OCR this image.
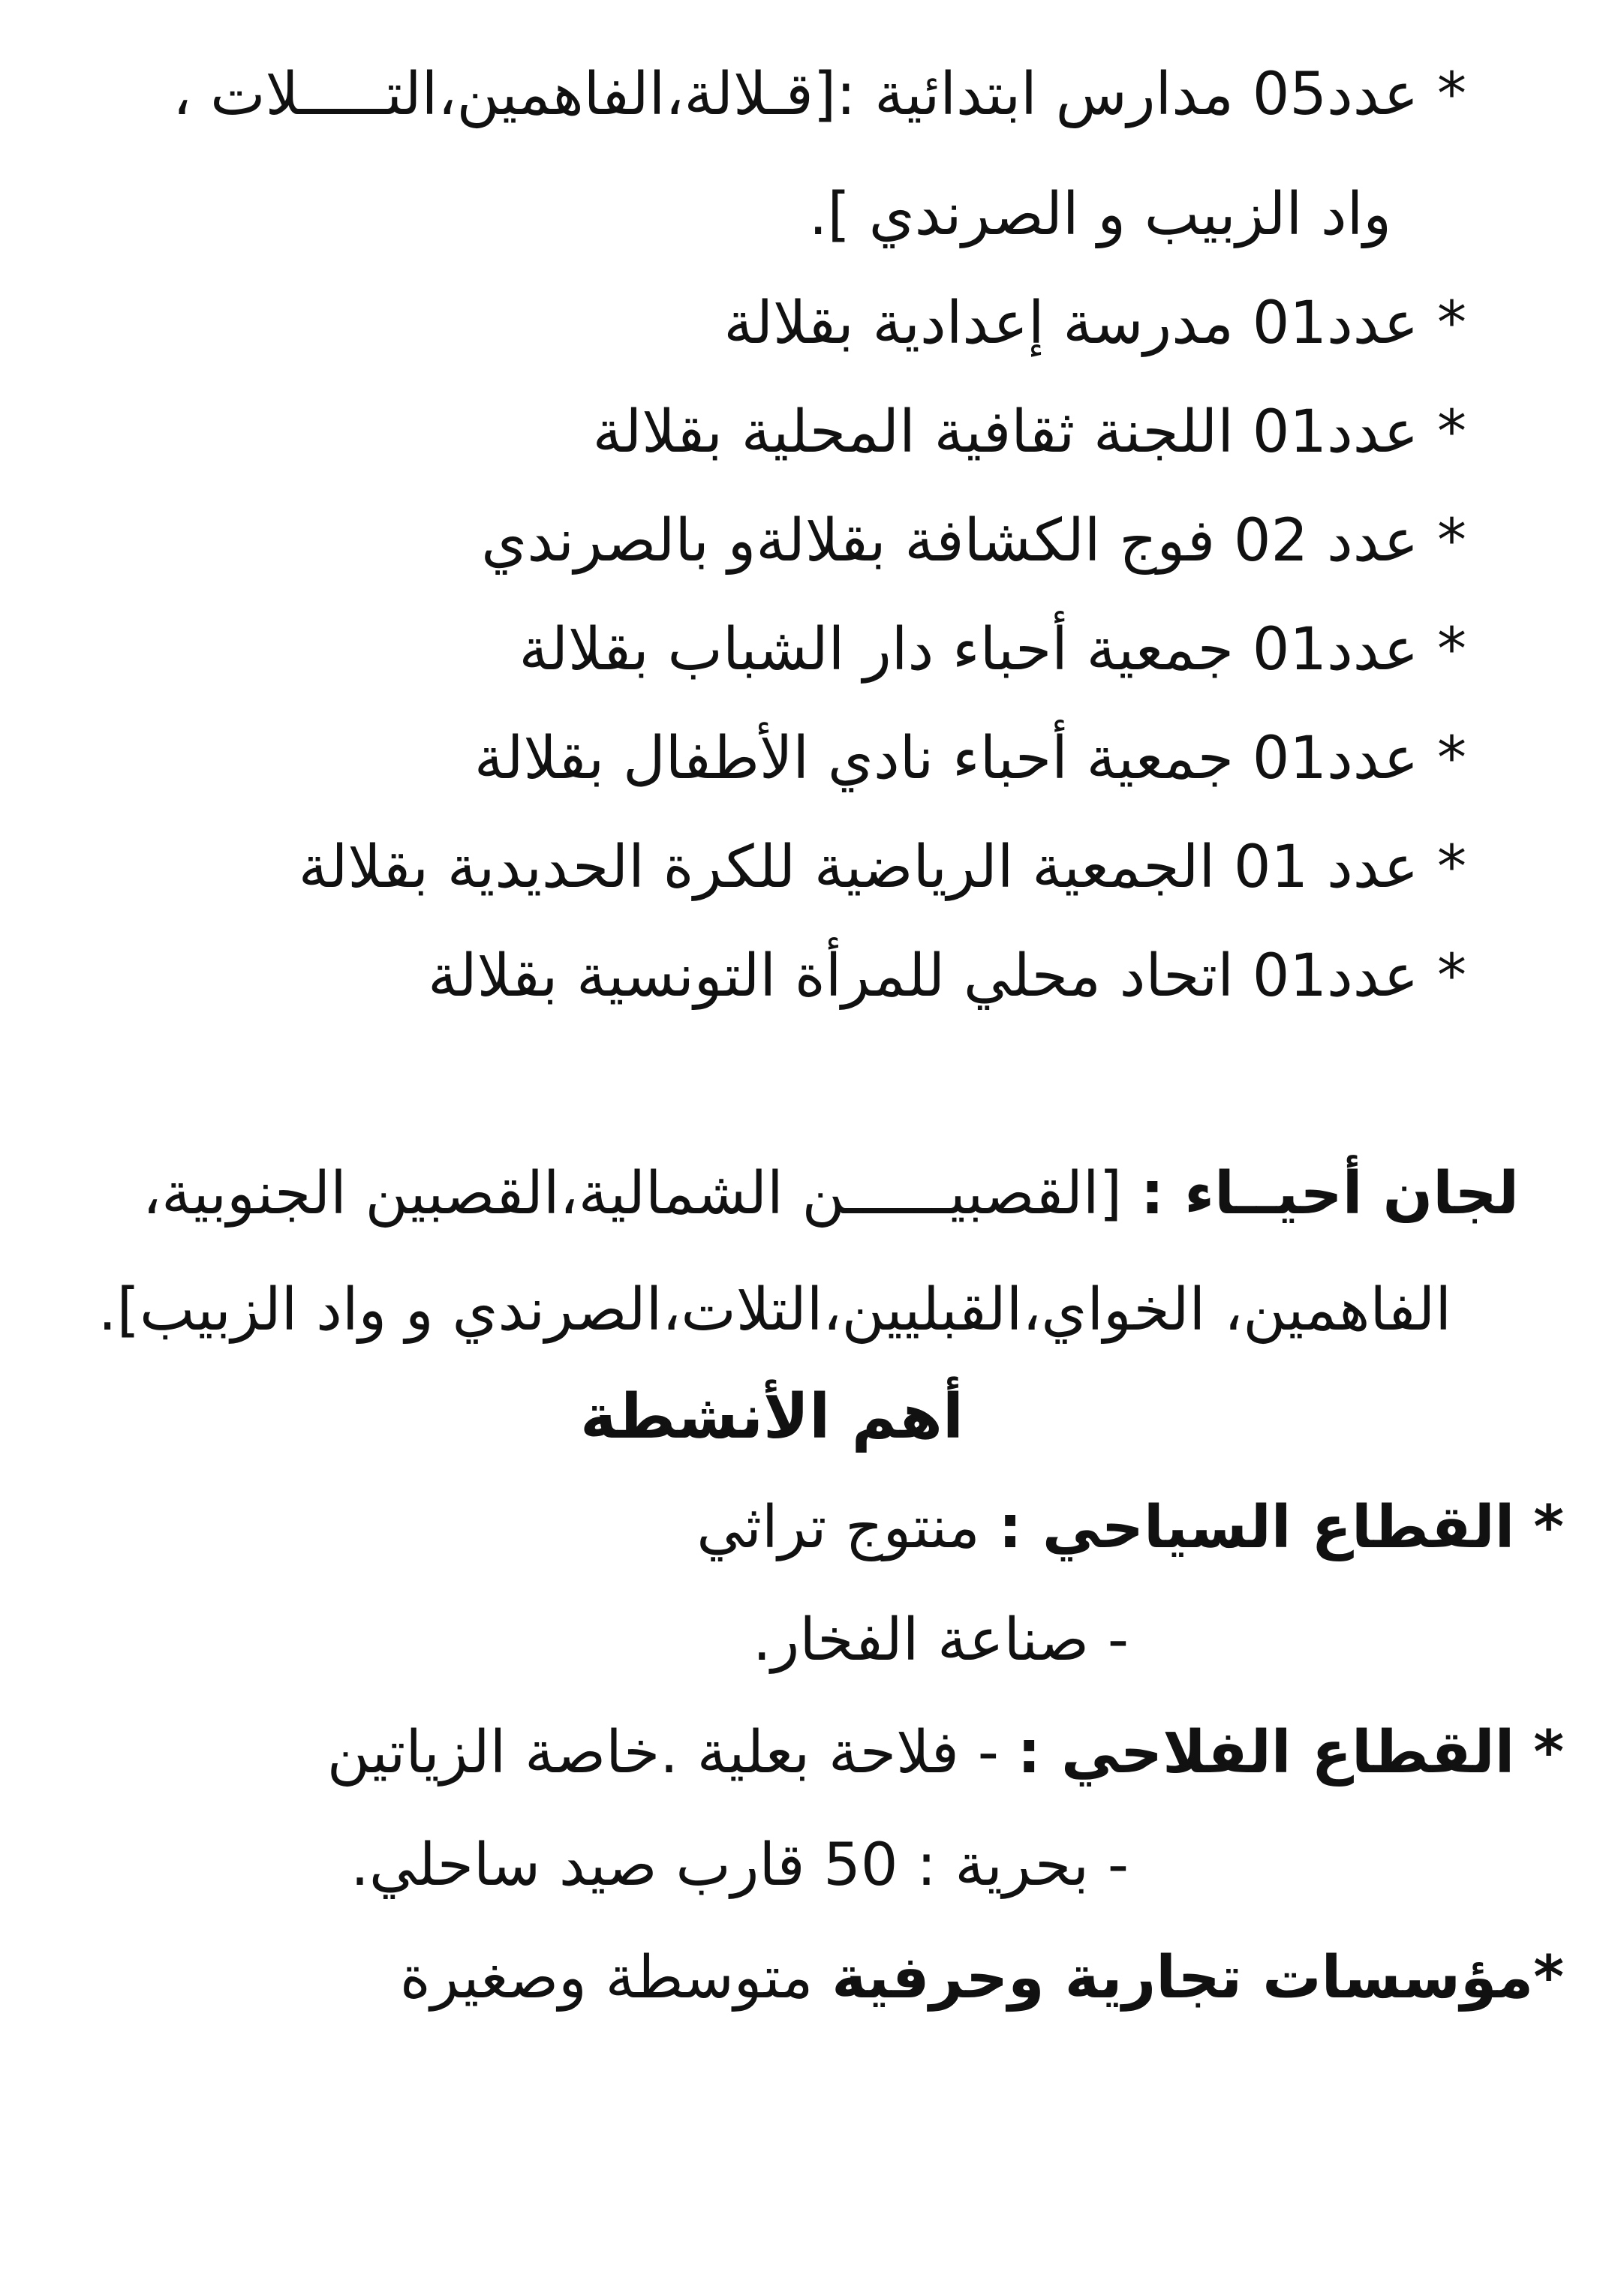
* عدد05 مدارس ابتدائية :[قـلالة،الفاهمين،التـــــلات ،
واد الزبيب و الصرندي ].
* عدد01 مدرسة إعدادية بقلالة
* عدد01 اللجنة ثقافية المحلية بقلالة
* عدد 02 فوج الكشافة بقلالةو بالصرندي
* عدد01 جمعية أحباء دار الشباب بقلالة
* عدد01 جمعية أحباء نادي الأطفال بقلالة
* عدد 01 الجمعية الرياضية للكرة الحديدية بقلالة
* عدد01 اتحاد محلي للمرأة التونسية بقلالة
لجان أحيــاء : [القصبيــــــن الشمالية،القصبين الجنوبية،
الفاهمين، الخواي،القبليين،التلات،الصرندي و واد الزبيب].
أهم الأنشطة
* القطاع السياحي : منتوج تراثي
- صناعة الفخار.
* القطاع الفلاحي : - فلاحة بعلية .خاصة الزياتين
- بحرية : 50 قارب صيد ساحلي.
*مؤسسات تجارية وحرفية متوسطة وصغيرة
